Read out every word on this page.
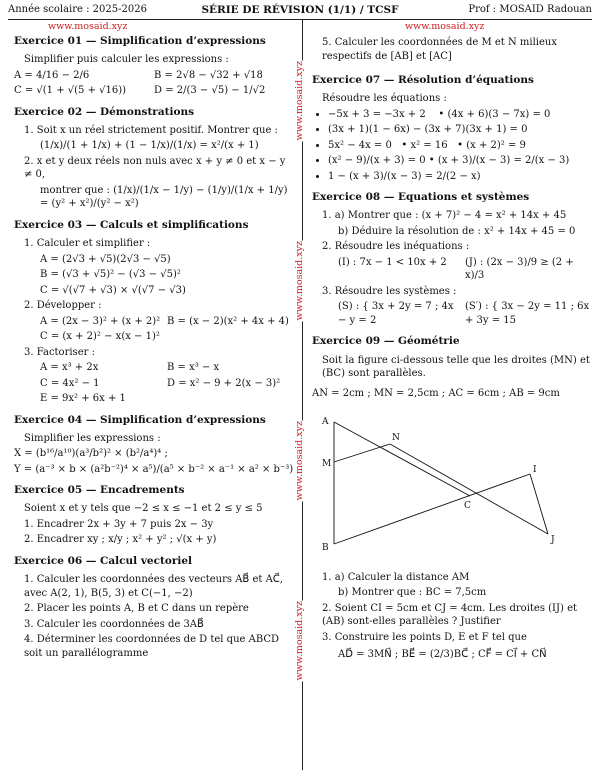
Année scolaire : 2025-2026	SÉRIE DE RÉVISION (1/1) / TCSF	Prof : MOSAID Radouan
www.mosaid.xyz	www.mosaid.xyz
www.mosaid.xyz
www.mosaid.xyz
www.mosaid.xyz
www.mosaid.xyz
Exercice 01 — Simplification d’expressions
Simplifier puis calculer les expressions :
A = 4/16 − 2/6	B = 2√8 − √32 + √18
C = √(1 + √(5 + √16))	D = 2/(3 − √5) − 1/√2
Exercice 02 — Démonstrations
1. Soit x un réel strictement positif. Montrer que :
(1/x)/(1 + 1/x) + (1 − 1/x)/(1/x) = x²/(x + 1)
2. x et y deux réels non nuls avec x + y ≠ 0 et x − y ≠ 0,
montrer que : (1/x)/(1/x − 1/y) − (1/y)/(1/x + 1/y) = (y² + x²)/(y² − x²)
Exercice 03 — Calculs et simplifications
1. Calculer et simplifier :
A = (2√3 + √5)(2√3 − √5)
B = (√3 + √5)² − (√3 − √5)²
C = √(√7 + √3) × √(√7 − √3)
2. Développer :
A = (2x − 3)² + (x + 2)² B = (x − 2)(x² + 4x + 4)
C = (x + 2)² − x(x − 1)²
3. Factoriser :
A = x³ + 2x	B = x³ − x
C = 4x² − 1	D = x² − 9 + 2(x − 3)²
E = 9x² + 6x + 1
Exercice 04 — Simplification d’expressions
Simplifier les expressions :
X = (b¹⁶/a¹⁰)(a³/b²)² × (b²/a⁴)⁴ ;
Y = (a⁻³ × b × (a²b⁻²)⁴ × a⁵)/(a⁵ × b⁻² × a⁻¹ × a² × b⁻³)
Exercice 05 — Encadrements
Soient x et y tels que −2 ≤ x ≤ −1 et 2 ≤ y ≤ 5
1. Encadrer 2x + 3y + 7 puis 2x − 3y
2. Encadrer xy ; x/y ; x² + y² ; √(x + y)
Exercice 06 — Calcul vectoriel
1. Calculer les coordonnées des vecteurs AB⃗ et AC⃗, avec A(2, 1), B(5, 3) et C(−1, −2)
2. Placer les points A, B et C dans un repère
3. Calculer les coordonnées de 3AB⃗
4. Déterminer les coordonnées de D tel que ABCD soit un parallélogramme
5. Calculer les coordonnées de M et N milieux respectifs de [AB] et [AC]
Exercice 07 — Résolution d’équations
Résoudre les équations :
• −5x + 3 = −3x + 2    • (4x + 6)(3 − 7x) = 0
• (3x + 1)(1 − 6x) − (3x + 7)(3x + 1) = 0
• 5x² − 4x = 0   • x² = 16   • (x + 2)² = 9
• (x² − 9)/(x + 3) = 0 • (x + 3)/(x − 3) = 2/(x − 3)
• 1 − (x + 3)/(x − 3) = 2/(2 − x)
Exercice 08 — Equations et systèmes
1. a) Montrer que : (x + 7)² − 4 = x² + 14x + 45
b) Déduire la résolution de : x² + 14x + 45 = 0
2. Résoudre les inéquations :
(I) : 7x − 1 < 10x + 2	(J) : (2x − 3)/9 ≥ (2 + x)/3
3. Résoudre les systèmes :
(S) : { 3x + 2y = 7 ; 4x − y = 2
(S′) : { 3x − 2y = 11 ; 6x + 3y = 15
Exercice 09 — Géométrie
Soit la figure ci-dessous telle que les droites (MN) et (BC) sont parallèles.
AN = 2cm ; MN = 2,5cm ; AC = 6cm ; AB = 9cm
A
N
M
C
I
B
J
1. a) Calculer la distance AM
b) Montrer que : BC = 7,5cm
2. Soient CI = 5cm et CJ = 4cm. Les droites (IJ) et (AB) sont-elles parallèles ? Justifier
3. Construire les points D, E et F tel que
AD⃗ = 3MN⃗ ; BE⃗ = (2/3)BC⃗ ; CF⃗ = CI⃗ + CN⃗
